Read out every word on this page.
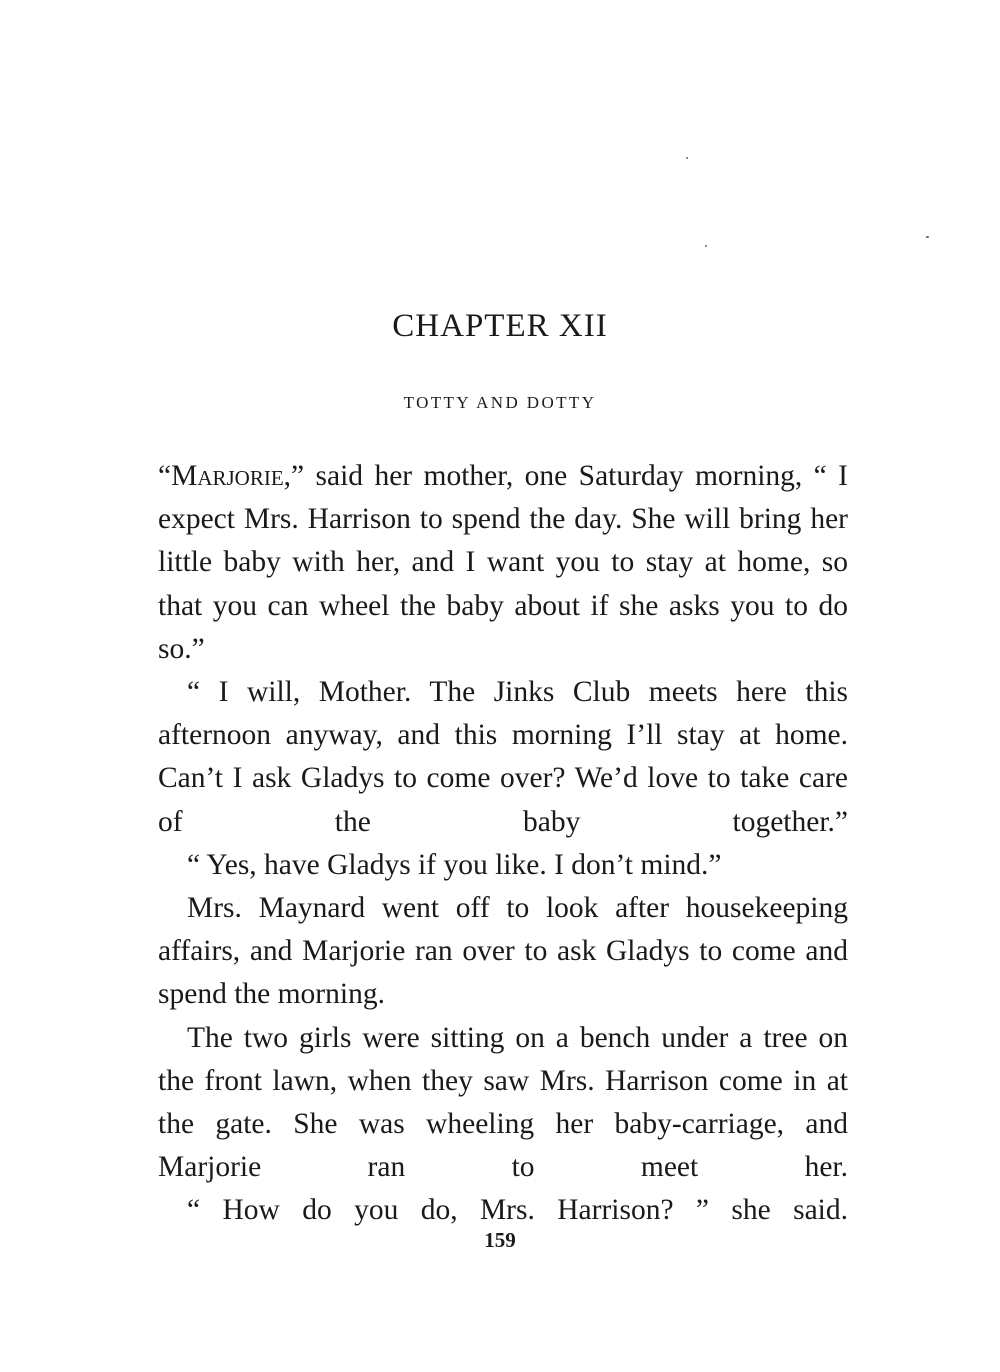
CHAPTER XII
TOTTY AND DOTTY

“Marjorie,” said her mother, one Saturday morning, “ I expect Mrs. Harrison to spend the day. She will bring her little baby with her, and I want you to stay at home, so that you can wheel the baby about if she asks you to do so.”

“ I will, Mother. The Jinks Club meets here this afternoon anyway, and this morning I’ll stay at home. Can’t I ask Gladys to come over? We’d love to take care of the baby together.”

“ Yes, have Gladys if you like. I don’t mind.”

Mrs. Maynard went off to look after housekeeping affairs, and Marjorie ran over to ask Gladys to come and spend the morning.

The two girls were sitting on a bench under a tree on the front lawn, when they saw Mrs. Harrison come in at the gate. She was wheeling her baby-carriage, and Marjorie ran to meet her.

“ How do you do, Mrs. Harrison? ” she said.

159
